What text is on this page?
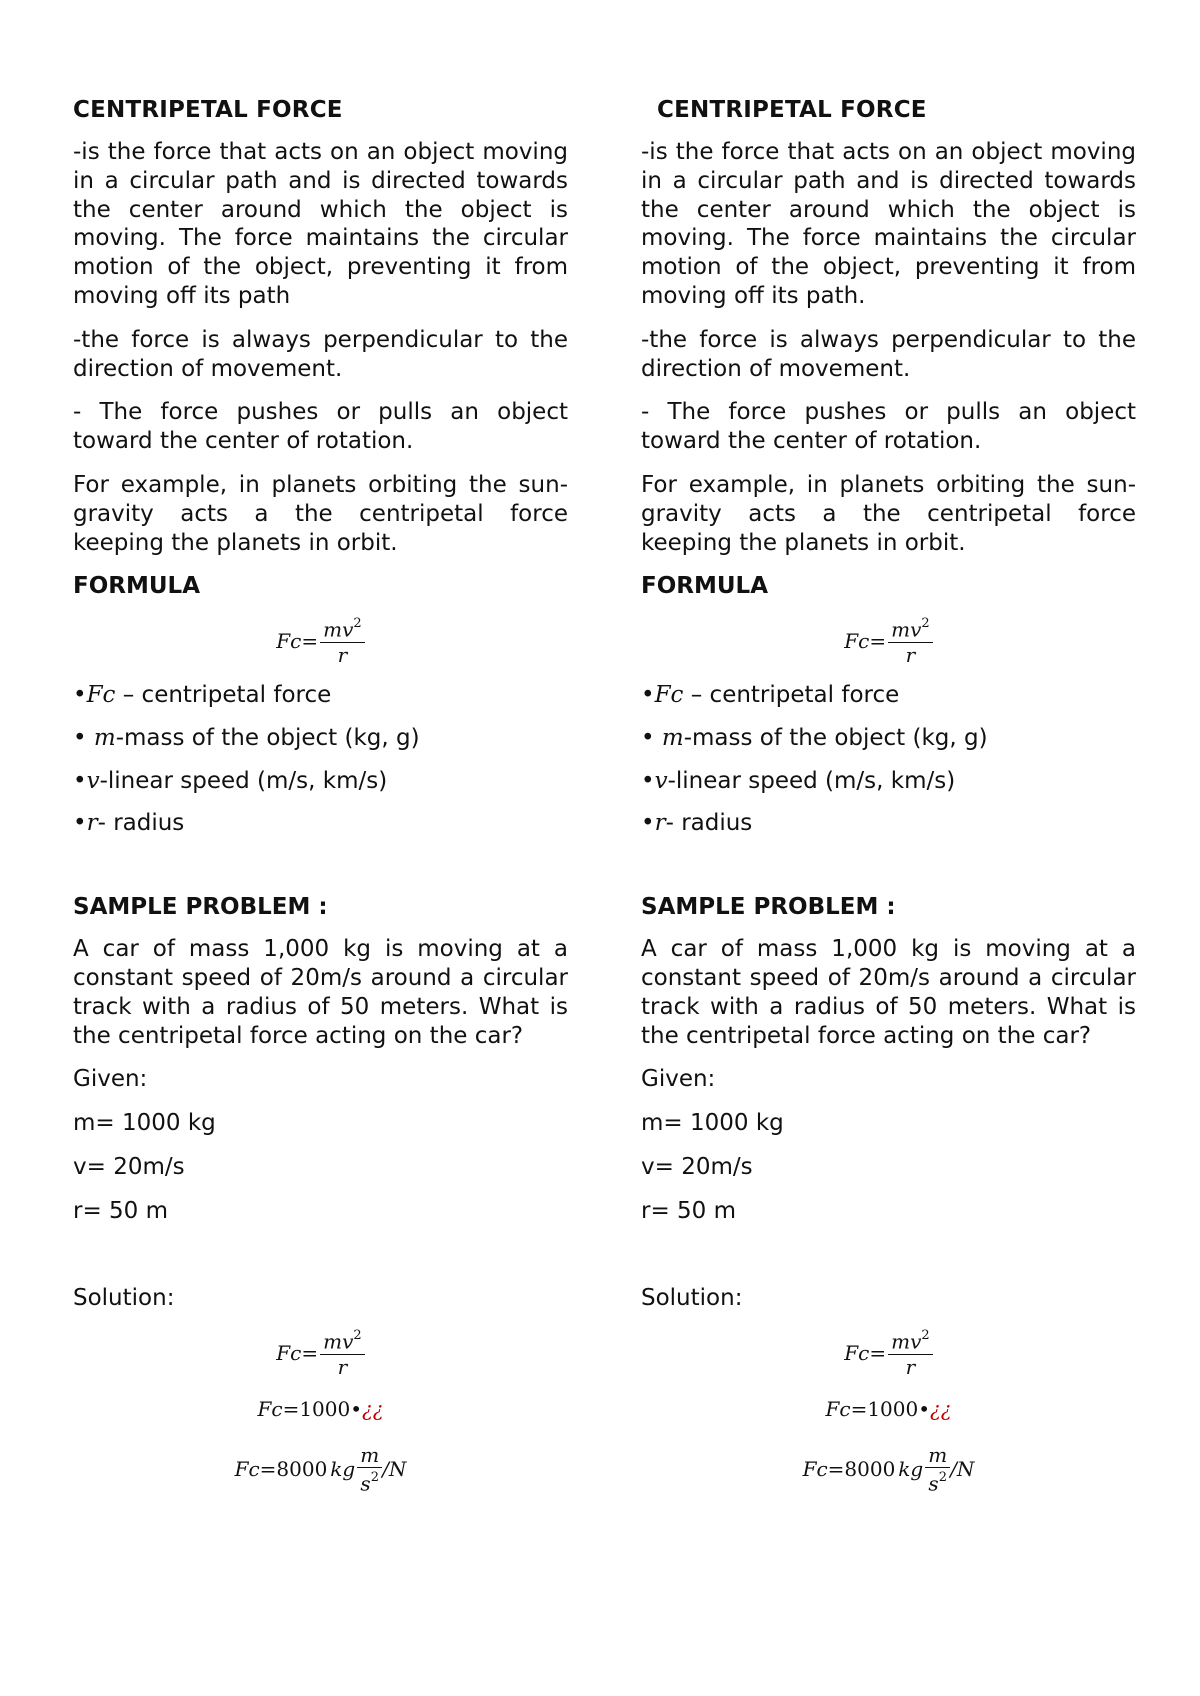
CENTRIPETAL FORCE

-is the force that acts on an object moving in a circular path and is directed towards the center around which the object is moving. The force maintains the circular motion of the object, preventing it from moving off its path

-the force is always perpendicular to the direction of movement.

- The force pushes or pulls an object toward the center of rotation.

For example, in planets orbiting the sun- gravity acts a the centripetal force keeping the planets in orbit.

FORMULA
$Fc = \frac{mv^2}{r}$

•Fc – centripetal force

• m-mass of the object (kg, g)

•v-linear speed (m/s, km/s)

•r- radius

SAMPLE PROBLEM :

A car of mass 1,000 kg is moving at a constant speed of 20m/s around a circular track with a radius of 50 meters. What is the centripetal force acting on the car?

Given:

m= 1000 kg

v= 20m/s

r= 50 m

Solution:

$Fc = \frac{mv^2}{r}$
Fc =1000• ¿¿
Fc =8000 kg $\frac{m}{s^2} /N$
CENTRIPETAL FORCE

-is the force that acts on an object moving in a circular path and is directed towards the center around which the object is moving. The force maintains the circular motion of the object, preventing it from moving off its path.

-the force is always perpendicular to the direction of movement.

- The force pushes or pulls an object toward the center of rotation.

For example, in planets orbiting the sun- gravity acts a the centripetal force keeping the planets in orbit.

FORMULA
$Fc = \frac{mv^2}{r}$

•Fc – centripetal force

• m-mass of the object (kg, g)

•v-linear speed (m/s, km/s)

•r- radius

SAMPLE PROBLEM :

A car of mass 1,000 kg is moving at a constant speed of 20m/s around a circular track with a radius of 50 meters. What is the centripetal force acting on the car?

Given:

m= 1000 kg

v= 20m/s

r= 50 m

Solution:

$Fc = \frac{mv^2}{r}$
Fc =1000• ¿¿
Fc =8000 kg $\frac{m}{s^2} /N$
